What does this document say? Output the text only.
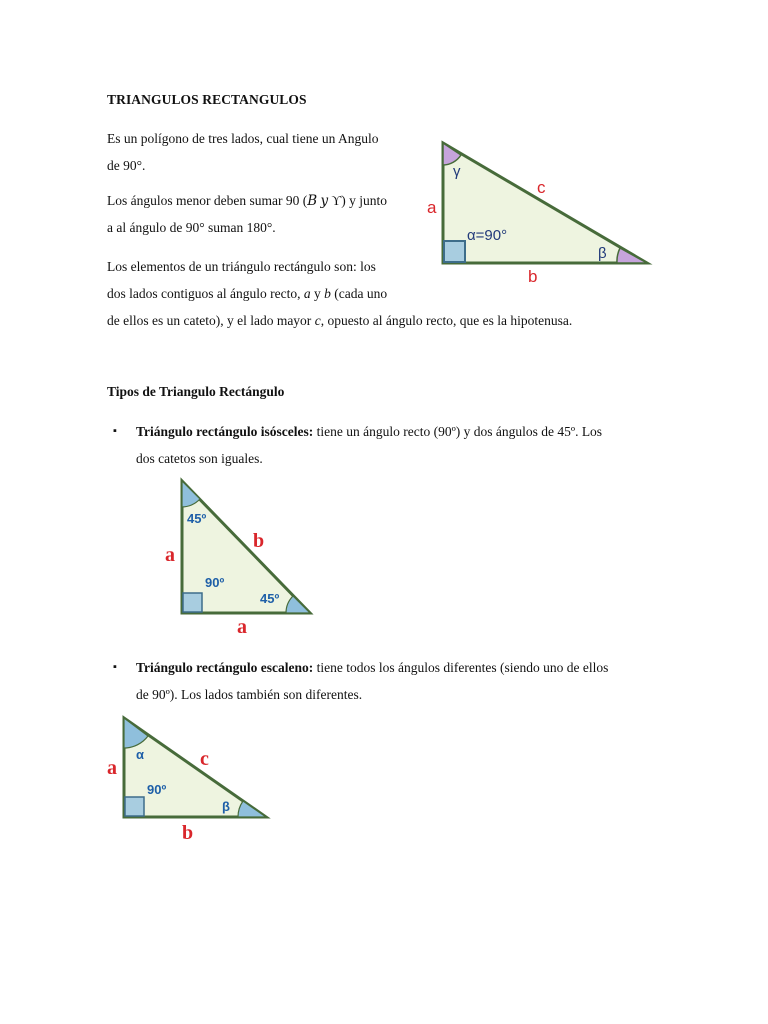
TRIANGULOS RECTANGULOS
Es un polígono de tres lados, cual tiene un Angulo
de 90°.
Los ángulos menor deben sumar 90 (𝐵 𝑦 ϒ) y junto
a al ángulo de 90° suman 180°.
Los elementos de un triángulo rectángulo son: los
dos lados contiguos al ángulo recto, a y b (cada uno
de ellos es un cateto), y el lado mayor c, opuesto al ángulo recto, que es la hipotenusa.
a
c
b
γ
β
α=90°
Tipos de Triangulo Rectángulo
▪ Triángulo rectángulo isósceles: tiene un ángulo recto (90º) y dos ángulos de 45º. Los
dos catetos son iguales.
a
b
a
45º
90º
45º
▪ Triángulo rectángulo escaleno: tiene todos los ángulos diferentes (siendo uno de ellos
de 90º). Los lados también son diferentes.
a	c
b
α
90º
β
